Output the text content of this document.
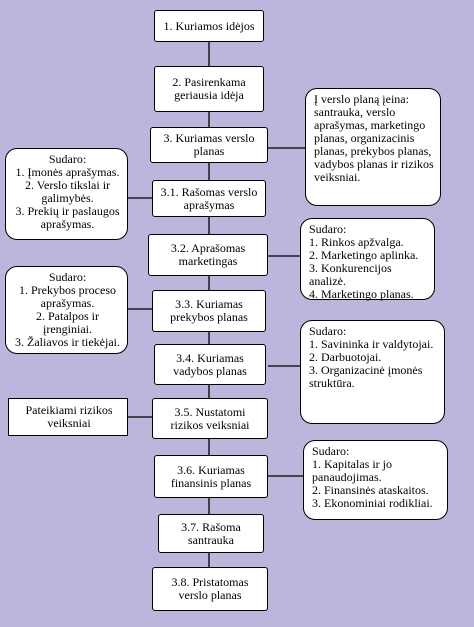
1. Kuriamos idėjos
2. Pasirenkama geriausia idėja
3. Kuriamas verslo planas
3.1. Rašomas verslo aprašymas
3.2. Aprašomas marketingas
3.3. Kuriamas prekybos planas
3.4. Kuriamas vadybos planas
3.5. Nustatomi rizikos veiksniai
3.6. Kuriamas finansinis planas
3.7. Rašoma santrauka
3.8. Pristatomas verslo planas
Į verslo planą įeina: santrauka, verslo aprašymas, marketingo planas, organizacinis planas, prekybos planas, vadybos planas ir rizikos veiksniai.
Sudaro:
1. Įmonės aprašymas.
2. Verslo tikslai ir galimybės.
3. Prekių ir paslaugos aprašymas.	Sudaro:
1. Rinkos apžvalga.
2. Marketingo aplinka.
3. Konkurencijos analizė.
4. Marketingo planas.
Sudaro:
1. Prekybos proceso aprašymas.
2. Patalpos ir įrenginiai.
3. Žaliavos ir tiekėjai.
Sudaro:
1. Savininka ir valdytojai.
2. Darbuotojai.
3. Organizacinė įmonės struktūra.
Pateikiami rizikos veiksniai
Sudaro:
1. Kapitalas ir jo panaudojimas.
2. Finansinės ataskaitos.
3. Ekonominiai rodikliai.
